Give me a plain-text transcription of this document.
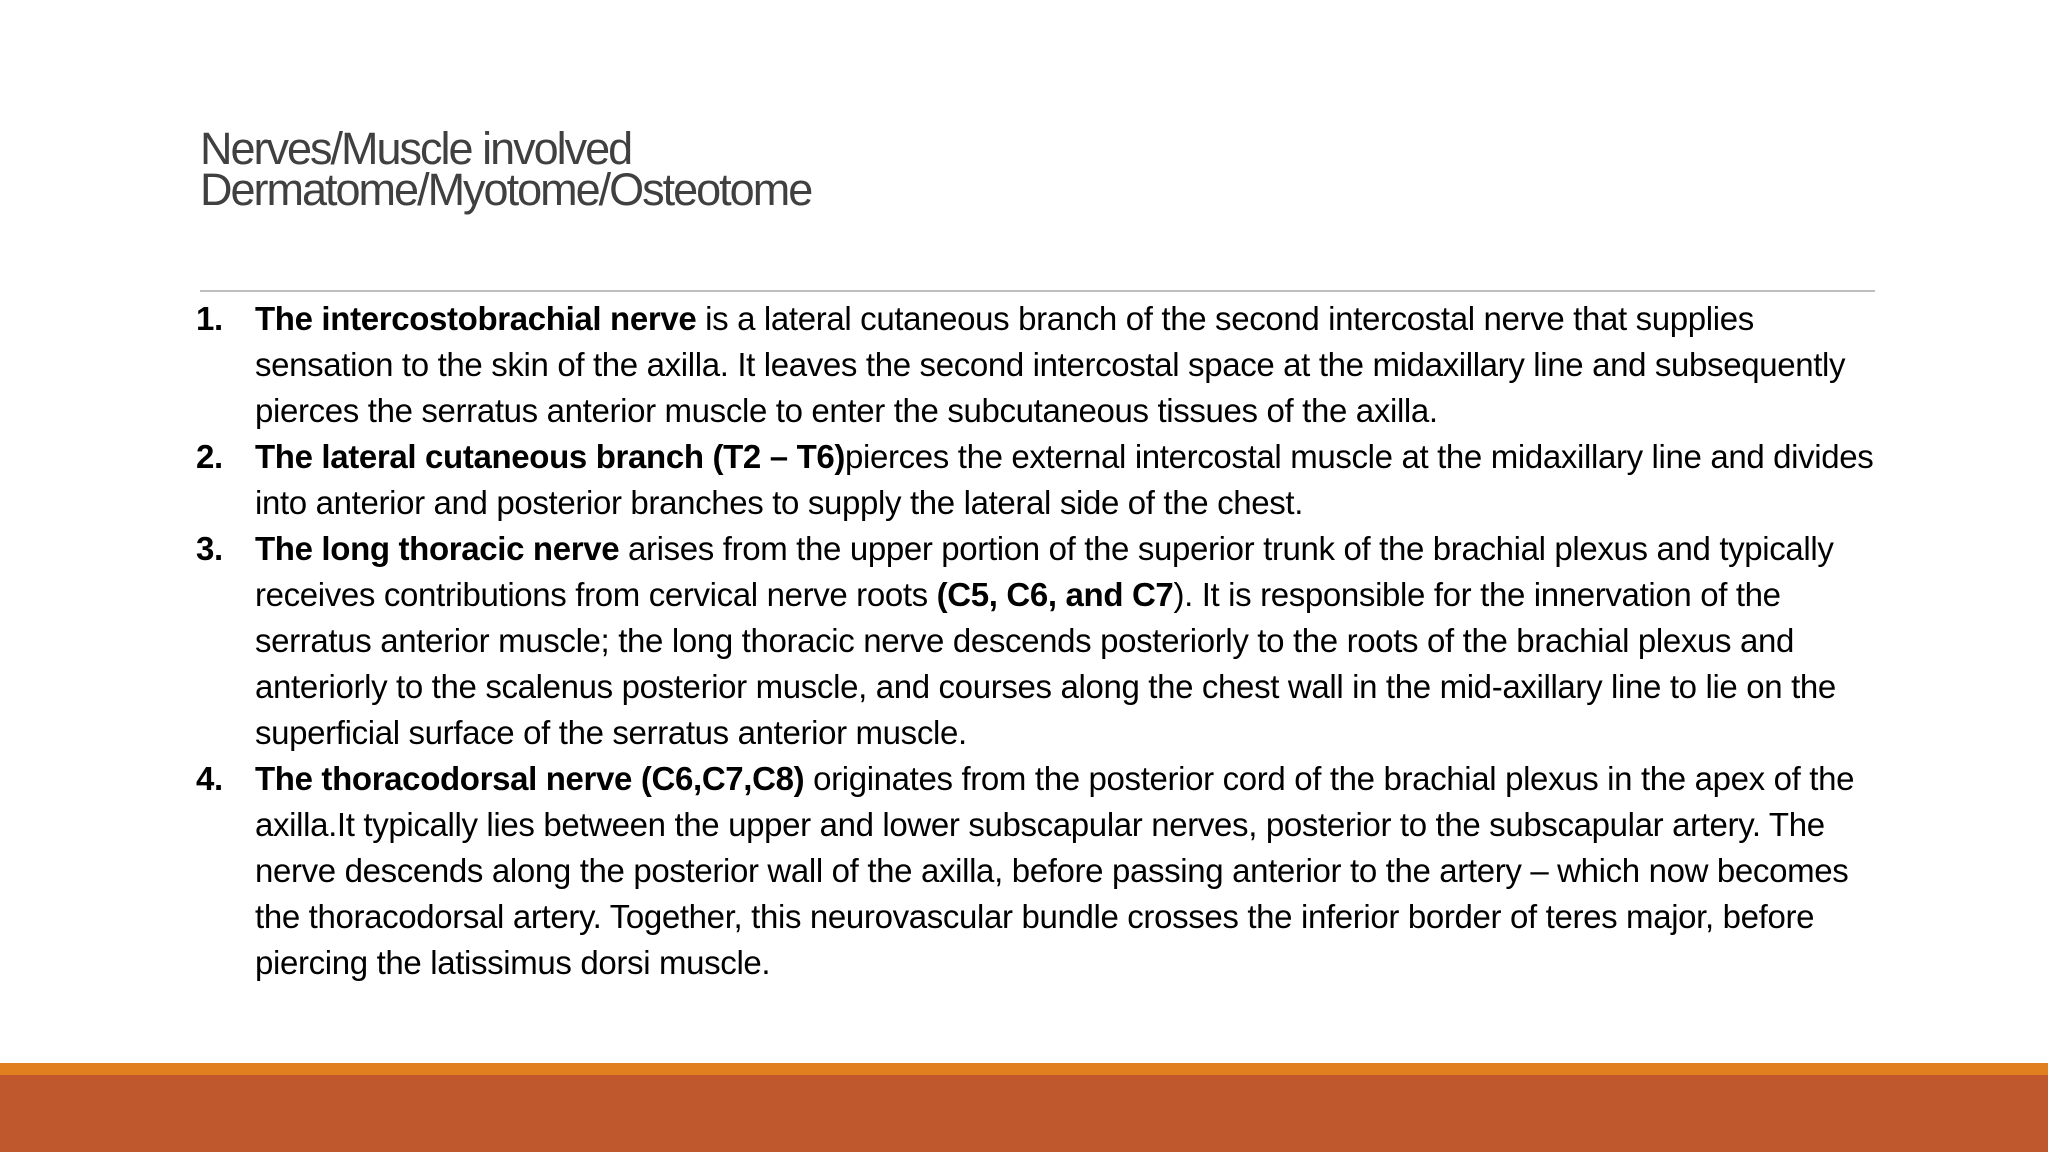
Nerves/Muscle involved
Dermatome/Myotome/Osteotome
1. The intercostobrachial nerve is a lateral cutaneous branch of the second intercostal nerve that supplies sensation to the skin of the axilla. It leaves the second intercostal space at the midaxillary line and subsequently pierces the serratus anterior muscle to enter the subcutaneous tissues of the axilla.
2. The lateral cutaneous branch (T2 – T6)pierces the external intercostal muscle at the midaxillary line and divides into anterior and posterior branches to supply the lateral side of the chest.
3. The long thoracic nerve arises from the upper portion of the superior trunk of the brachial plexus and typically receives contributions from cervical nerve roots (C5, C6, and C7). It is responsible for the innervation of the serratus anterior muscle; the long thoracic nerve descends posteriorly to the roots of the brachial plexus and anteriorly to the scalenus posterior muscle, and courses along the chest wall in the mid-axillary line to lie on the superficial surface of the serratus anterior muscle.
4. The thoracodorsal nerve (C6,C7,C8) originates from the posterior cord of the brachial plexus in the apex of the axilla.It typically lies between the upper and lower subscapular nerves, posterior to the subscapular artery. The nerve descends along the posterior wall of the axilla, before passing anterior to the artery – which now becomes the thoracodorsal artery. Together, this neurovascular bundle crosses the inferior border of teres major, before piercing the latissimus dorsi muscle.
